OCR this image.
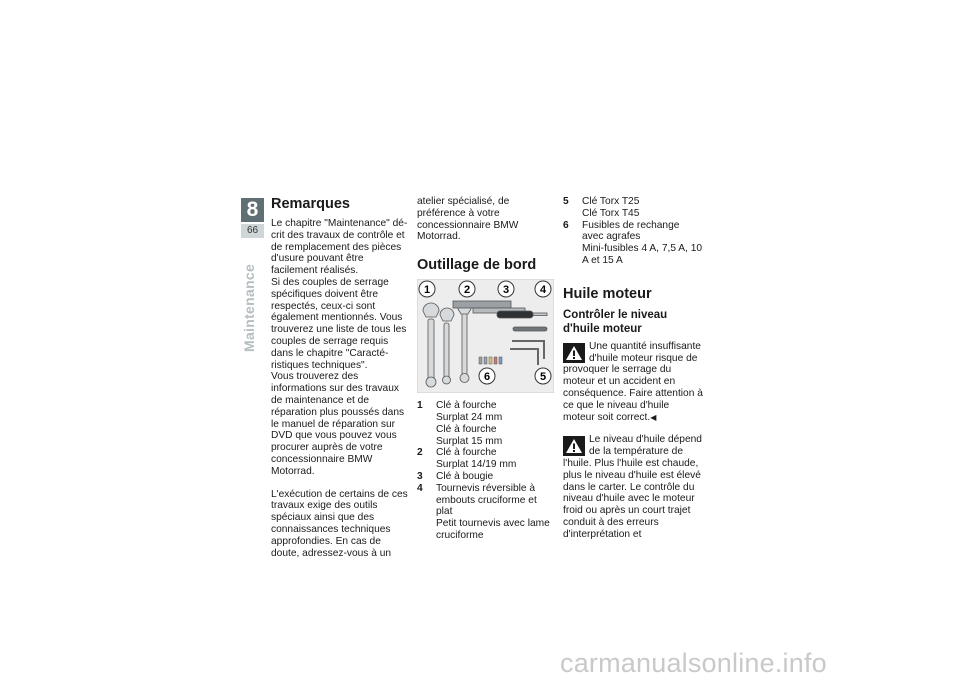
8
66
Maintenance
Remarques

Le chapitre "Maintenance" décrit des travaux de contrôle et de remplacement des pièces d'usure pouvant être facilement réalisés.

Si des couples de serrage spécifiques doivent être respectés, ceux-ci sont également mentionnés. Vous trouverez une liste de tous les couples de serrage requis dans le chapitre "Caractéristiques techniques".

Vous trouverez des informations sur des travaux de maintenance et de réparation plus poussés dans le manuel de réparation sur DVD que vous pouvez vous procurer auprès de votre concessionnaire BMW Motorrad.

L'exécution de certains de ces travaux exige des outils spéciaux ainsi que des connaissances techniques approfondies. En cas de doute, adressez-vous à un

atelier spécialisé, de préférence à votre concessionnaire BMW Motorrad.

Outillage de bord
1	2	3	4
5
6
1 Clé à fourche
Surplat 24 mm
Clé à fourche
Surplat 15 mm
2 Clé à fourche
Surplat 14/19 mm
3 Clé à bougie
4 Tournevis réversible à embouts cruciforme et plat
Petit tournevis avec lame cruciforme
5 Clé Torx T25
Clé Torx T45
6 Fusibles de rechange avec agrafes
Mini-fusibles 4 A, 7,5 A, 10 A et 15 A
Huile moteur
Contrôler le niveau d'huile moteur

Une quantité insuffisante d'huile moteur risque de provoquer le serrage du moteur et un accident en conséquence. Faire attention à ce que le niveau d'huile moteur soit correct.◀

Le niveau d'huile dépend de la température de l'huile. Plus l'huile est chaude, plus le niveau d'huile est élevé dans le carter. Le contrôle du niveau d'huile avec le moteur froid ou après un court trajet conduit à des erreurs d'interprétation et

carmanualsonline.info
